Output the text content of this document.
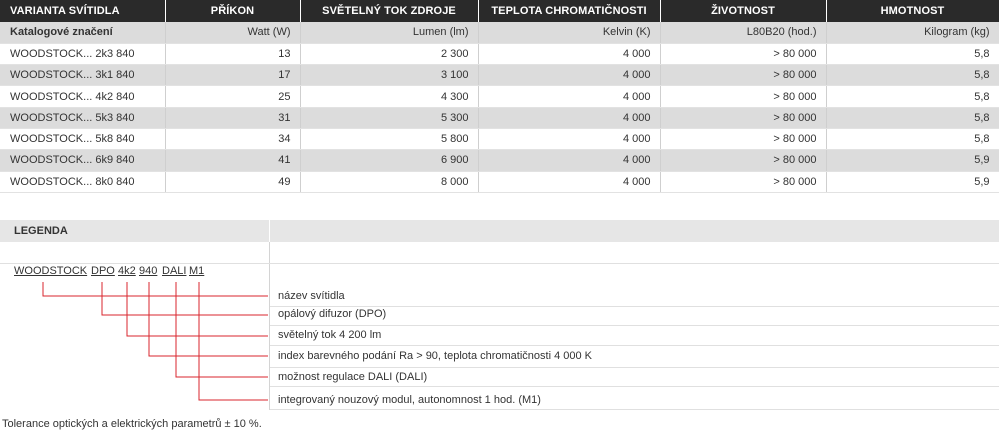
VARIANTA SVÍTIDLA	PŘÍKON	SVĚTELNÝ TOK ZDROJE	TEPLOTA CHROMATIČNOSTI	ŽIVOTNOST	HMOTNOST
Katalogové značení	Watt (W)	Lumen (lm)	Kelvin (K)	L80B20 (hod.)	Kilogram (kg)
WOODSTOCK... 2k3 840	13	2 300	4 000	> 80 000	5,8
WOODSTOCK... 3k1 840	17	3 100	4 000	> 80 000	5,8
WOODSTOCK... 4k2 840	25	4 300	4 000	> 80 000	5,8
WOODSTOCK... 5k3 840	31	5 300	4 000	> 80 000	5,8
WOODSTOCK... 5k8 840	34	5 800	4 000	> 80 000	5,8
WOODSTOCK... 6k9 840	41	6 900	4 000	> 80 000	5,9
WOODSTOCK... 8k0 840	49	8 000	4 000	> 80 000	5,9
LEGENDA
WOODSTOCK DPO 4k2 940 DALI M1
název svítidla
opálový difuzor (DPO)
světelný tok 4 200 lm
index barevného podání Ra > 90, teplota chromatičnosti 4 000 K
možnost regulace DALI (DALI)
integrovaný nouzový modul, autonomnost 1 hod. (M1)
Tolerance optických a elektrických parametrů ± 10 %.
